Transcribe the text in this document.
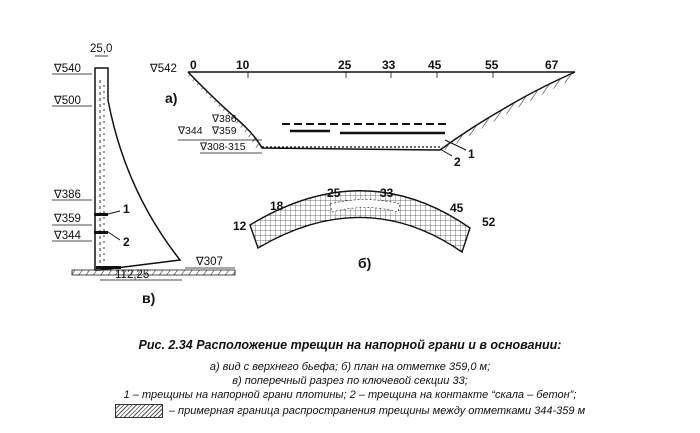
∇540
∇500
∇386
∇359
∇344
∇307
25,0
112,25
1
2
в)
∇542 0	10	25	33	45	55	67
а)
∇386
∇344 ∇359
∇308-315
2
1
12
18
25	33
45
52
б)
Рис. 2.34 Расположение трещин на напорной грани и в основании:
а) вид с верхнего бьефа; б) план на отметке 359,0 м;
в) поперечный разрез по ключевой секции 33;
1 – трещины на напорной грани плотины; 2 – трещина на контакте “скала – бетон”;
– примерная граница распространения трещины между отметками 344-359 м
